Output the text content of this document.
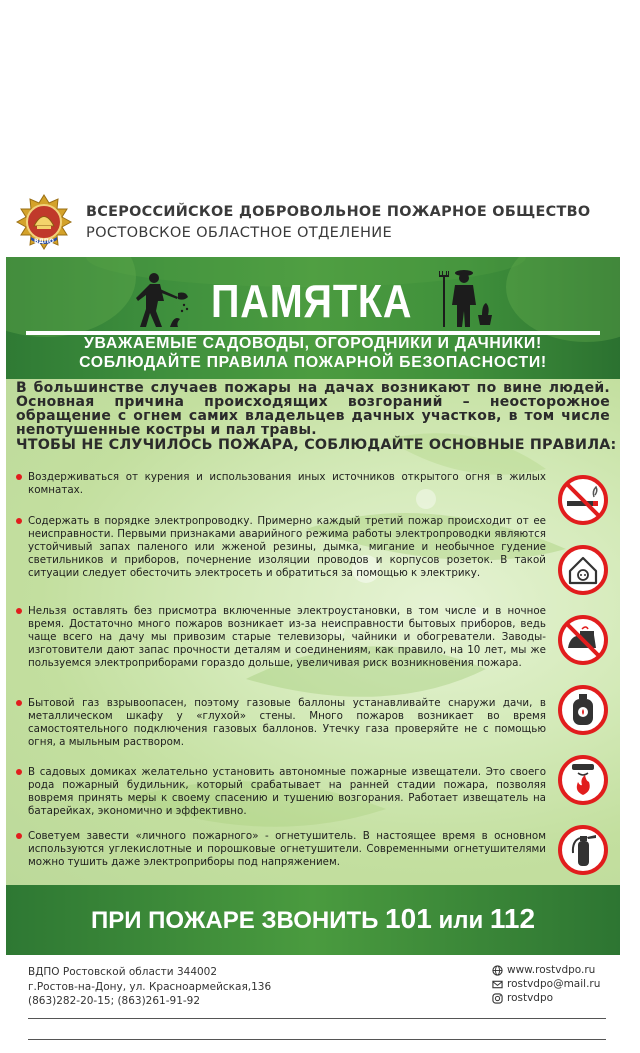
ВДПО
ВСЕРОССИЙСКОЕ ДОБРОВОЛЬНОЕ ПОЖАРНОЕ ОБЩЕСТВО
РОСТОВСКОЕ ОБЛАСТНОЕ ОТДЕЛЕНИЕ
ПАМЯТКА
УВАЖАЕМЫЕ САДОВОДЫ, ОГОРОДНИКИ И ДАЧНИКИ!
СОБЛЮДАЙТЕ ПРАВИЛА ПОЖАРНОЙ БЕЗОПАСНОСТИ!
В большинстве случаев пожары на дачах возникают по вине людей. Основная причина происходящих возгораний – неосторожное обращение с огнем самих владельцев дачных участков, в том числе непотушенные костры и пал травы.
ЧТОБЫ НЕ СЛУЧИЛОСЬ ПОЖАРА, СОБЛЮДАЙТЕ ОСНОВНЫЕ ПРАВИЛА:
Воздерживаться от курения и использования иных источников открытого огня в жилых комнатах.
Содержать в порядке электропроводку. Примерно каждый третий пожар происходит от ее неисправности. Первыми признаками аварийного режима работы электропроводки являются устойчивый запах паленого или жженой резины, дымка, мигание и необычное гудение светильников и приборов, почернение изоляции проводов и корпусов розеток. В такой ситуации следует обесточить электросеть и обратиться за помощью к электрику.
Нельзя оставлять без присмотра включенные электроустановки, в том числе и в ночное время. Достаточно много пожаров возникает из-за неисправности бытовых приборов, ведь чаще всего на дачу мы привозим старые телевизоры, чайники и обогреватели. Заводы-изготовители дают запас прочности деталям и соединениям, как правило, на 10 лет, мы же пользуемся электроприборами гораздо дольше, увеличивая риск возникновения пожара.
Бытовой газ взрывоопасен, поэтому газовые баллоны устанавливайте снаружи дачи, в металлическом шкафу у «глухой» стены. Много пожаров возникает во время самостоятельного подключения газовых баллонов. Утечку газа проверяйте не с помощью огня, а мыльным раствором.
В садовых домиках желательно установить автономные пожарные извещатели. Это своего рода пожарный будильник, который срабатывает на ранней стадии пожара, позволяя вовремя принять меры к своему спасению и тушению возгорания. Работает извещатель на батарейках, экономично и эффективно.
Советуем завести «личного пожарного» - огнетушитель. В настоящее время в основном используются углекислотные и порошковые огнетушители. Современными огнетушителями можно тушить даже электроприборы под напряжением.
ПРИ ПОЖАРЕ ЗВОНИТЬ 101 или 112
ВДПО Ростовской области 344002
г.Ростов-на-Дону, ул. Красноармейская,136
(863)282-20-15; (863)261-91-92
www.rostvdpo.ru
rostvdpo@mail.ru
rostvdpo
